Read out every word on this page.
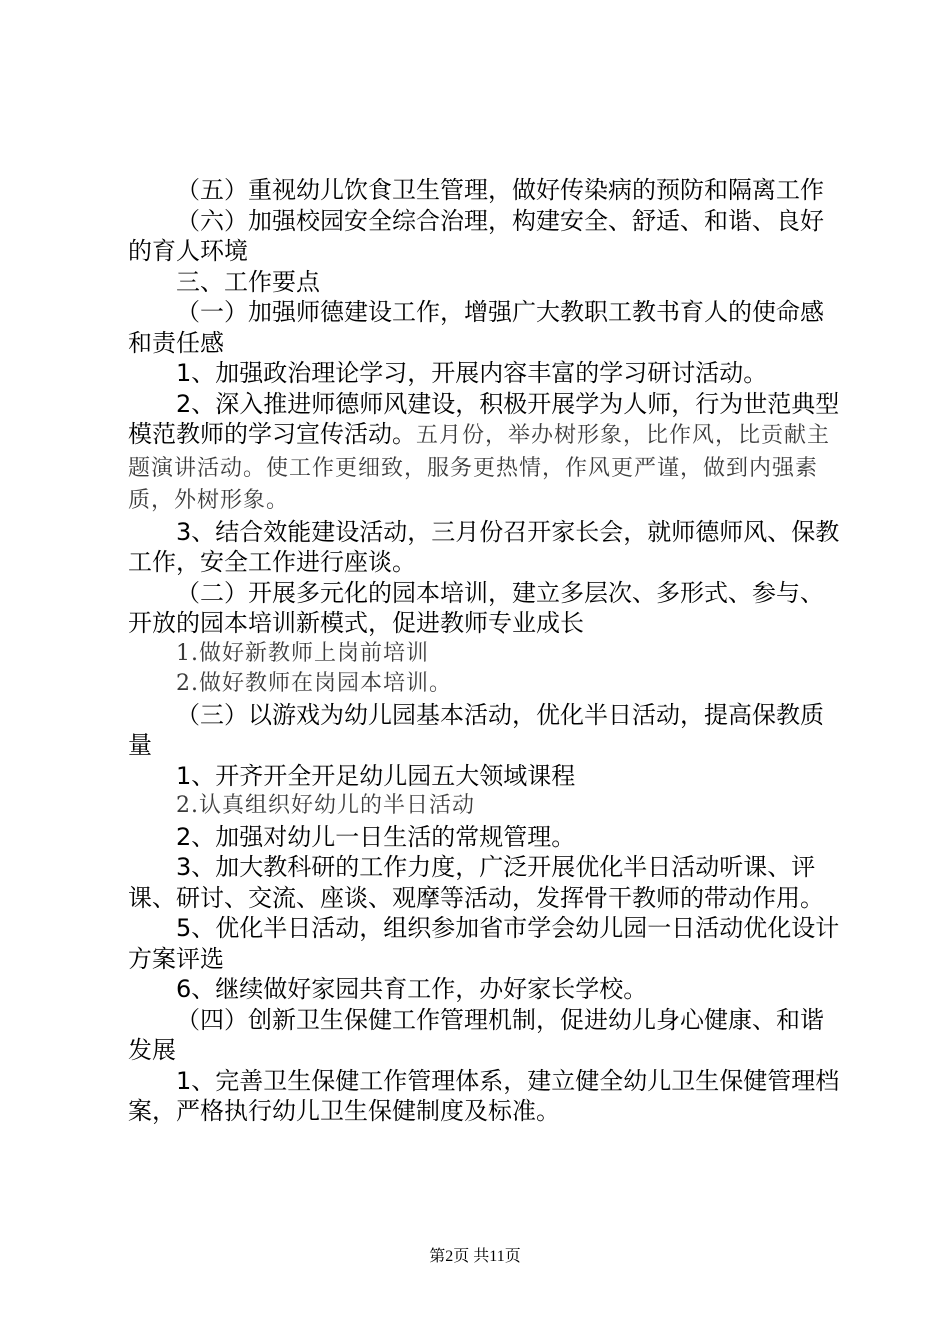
（五）重视幼儿饮食卫生管理，做好传染病的预防和隔离工作

（六）加强校园安全综合治理，构建安全、舒适、和谐、良好的育人环境

三、工作要点

（一）加强师德建设工作，增强广大教职工教书育人的使命感和责任感

1、加强政治理论学习，开展内容丰富的学习研讨活动。

2、深入推进师德师风建设，积极开展学为人师，行为世范典型模范教师的学习宣传活动。五月份，举办树形象，比作风，比贡献主题演讲活动。使工作更细致，服务更热情，作风更严谨，做到内强素质，外树形象。

3、结合效能建设活动，三月份召开家长会，就师德师风、保教工作，安全工作进行座谈。

（二）开展多元化的园本培训，建立多层次、多形式、参与、开放的园本培训新模式，促进教师专业成长

1.做好新教师上岗前培训

2.做好教师在岗园本培训。

（三）以游戏为幼儿园基本活动，优化半日活动，提高保教质量

1、开齐开全开足幼儿园五大领域课程

2.认真组织好幼儿的半日活动

2、加强对幼儿一日生活的常规管理。

3、加大教科研的工作力度，广泛开展优化半日活动听课、评课、研讨、交流、座谈、观摩等活动，发挥骨干教师的带动作用。

5、优化半日活动，组织参加省市学会幼儿园一日活动优化设计方案评选

6、继续做好家园共育工作，办好家长学校。

（四）创新卫生保健工作管理机制，促进幼儿身心健康、和谐发展

1、完善卫生保健工作管理体系，建立健全幼儿卫生保健管理档案，严格执行幼儿卫生保健制度及标准。

第2页 共11页
